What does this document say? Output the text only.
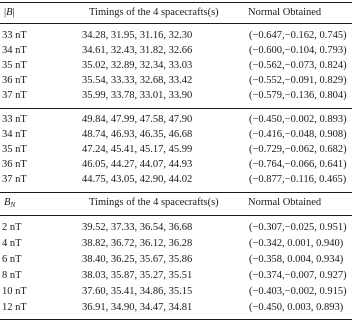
|B|	Timings of the 4 spacecrafts(s)	Normal Obtained
33 nT	34.28, 31.95, 31.16, 32.30	(−0.647,−0.162, 0.745)
34 nT	34.61, 32.43, 31.82, 32.66	(−0.600,−0.104, 0.793)
35 nT	35.02, 32.89, 32.34, 33.03	(−0.562,−0.073, 0.824)
36 nT	35.54, 33.33, 32.68, 33.42	(−0.552,−0.091, 0.829)
37 nT	35.99, 33.78, 33.01, 33.90	(−0.579,−0.136, 0.804)
33 nT	49.84, 47.99, 47.58, 47.90	(−0.450,−0.002, 0.893)
34 nT	48.74, 46.93, 46.35, 46.68	(−0.416,−0.048, 0.908)
35 nT	47.24, 45.41, 45.17, 45.99	(−0.729,−0.062, 0.682)
36 nT	46.05, 44.27, 44.07, 44.93	(−0.764,−0.066, 0.641)
37 nT	44.75, 43.05, 42.90, 44.02	(−0.877,−0.116, 0.465)
BN	Timings of the 4 spacecrafts(s)	Normal Obtained
2 nT	39.52, 37.33, 36.54, 36.68	(−0.307,−0.025, 0.951)
4 nT	38.82, 36.72, 36.12, 36.28	(−0.342, 0.001, 0.940)
6 nT	38.40, 36.25, 35.67, 35.86	(−0.358, 0.004, 0.934)
8 nT	38.03, 35.87, 35.27, 35.51	(−0.374,−0.007, 0.927)
10 nT	37.60, 35.41, 34.86, 35.15	(−0.403,−0.002, 0.915)
12 nT	36.91, 34.90, 34.47, 34.81	(−0.450, 0.003, 0.893)
